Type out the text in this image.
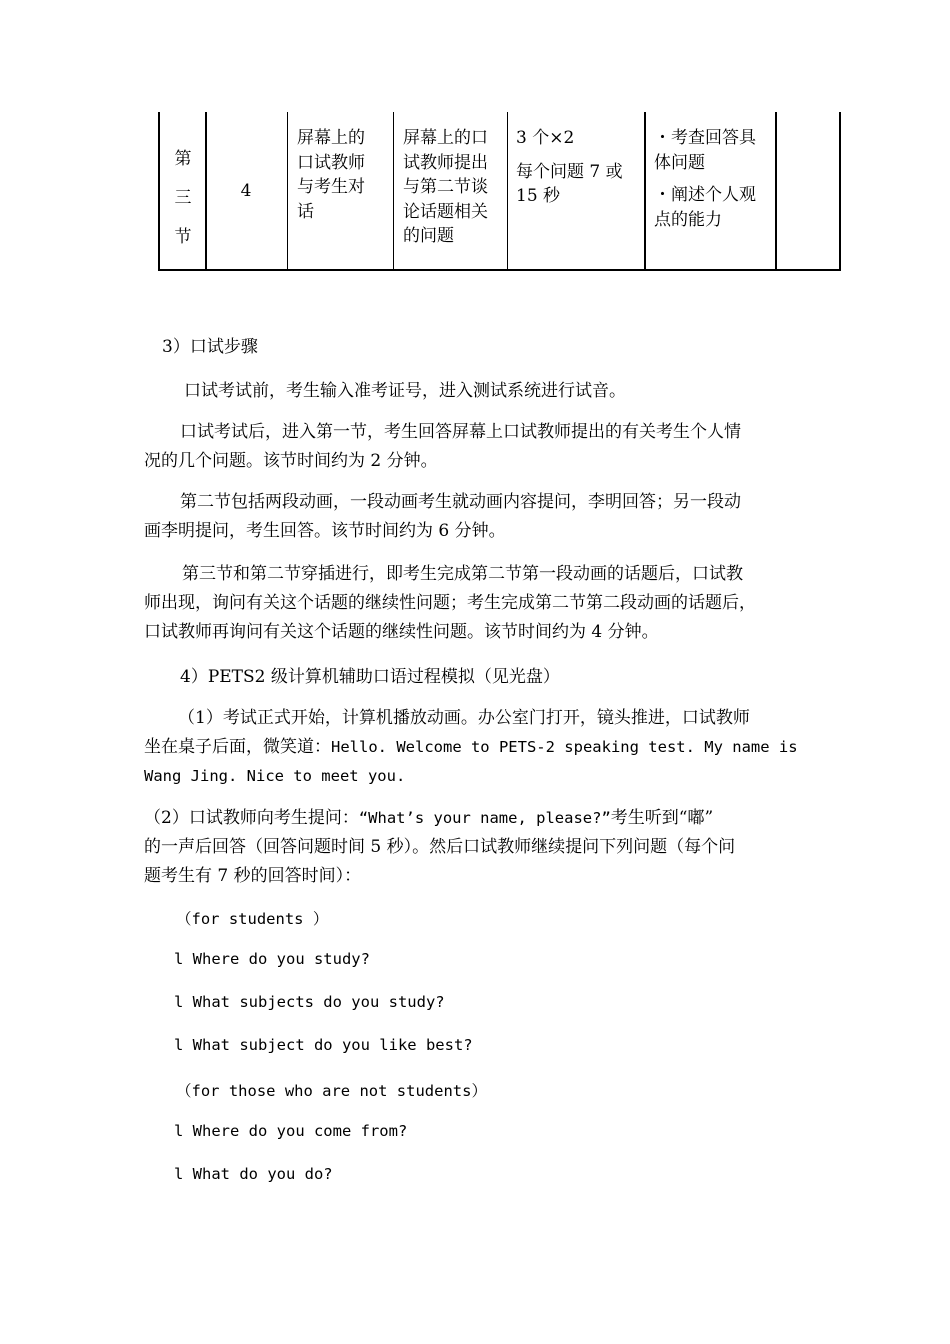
第
三
节
4
屏幕上的
口试教师
与考生对
话
屏幕上的口
试教师提出
与第二节谈
论话题相关
的问题

3 个×2

每个问题 7 或
15 秒

・考查回答具
体问题

・阐述个人观
点的能力

3）口试步骤
口试考试前，考生输入准考证号，进入测试系统进行试音。
口试考试后，进入第一节，考生回答屏幕上口试教师提出的有关考生个人情
况的几个问题。该节时间约为 2 分钟。
第二节包括两段动画，一段动画考生就动画内容提问，李明回答；另一段动
画李明提问，考生回答。该节时间约为 6 分钟。
第三节和第二节穿插进行，即考生完成第二节第一段动画的话题后，口试教
师出现，询问有关这个话题的继续性问题；考生完成第二节第二段动画的话题后，
口试教师再询问有关这个话题的继续性问题。该节时间约为 4 分钟。
4）PETS2 级计算机辅助口语过程模拟（见光盘）
（1）考试正式开始，计算机播放动画。办公室门打开，镜头推进，口试教师
坐在桌子后面，微笑道：Hello. Welcome to PETS-2 speaking test. My name is
Wang Jing. Nice to meet you.
（2）口试教师向考生提问：“What’s your name, please?”考生听到“嘟”
的一声后回答（回答问题时间 5 秒）。然后口试教师继续提问下列问题（每个问
题考生有 7 秒的回答时间）：
（for students ）
l Where do you study?
l What subjects do you study?
l What subject do you like best?
（for those who are not students）
l Where do you come from?
l What do you do?
